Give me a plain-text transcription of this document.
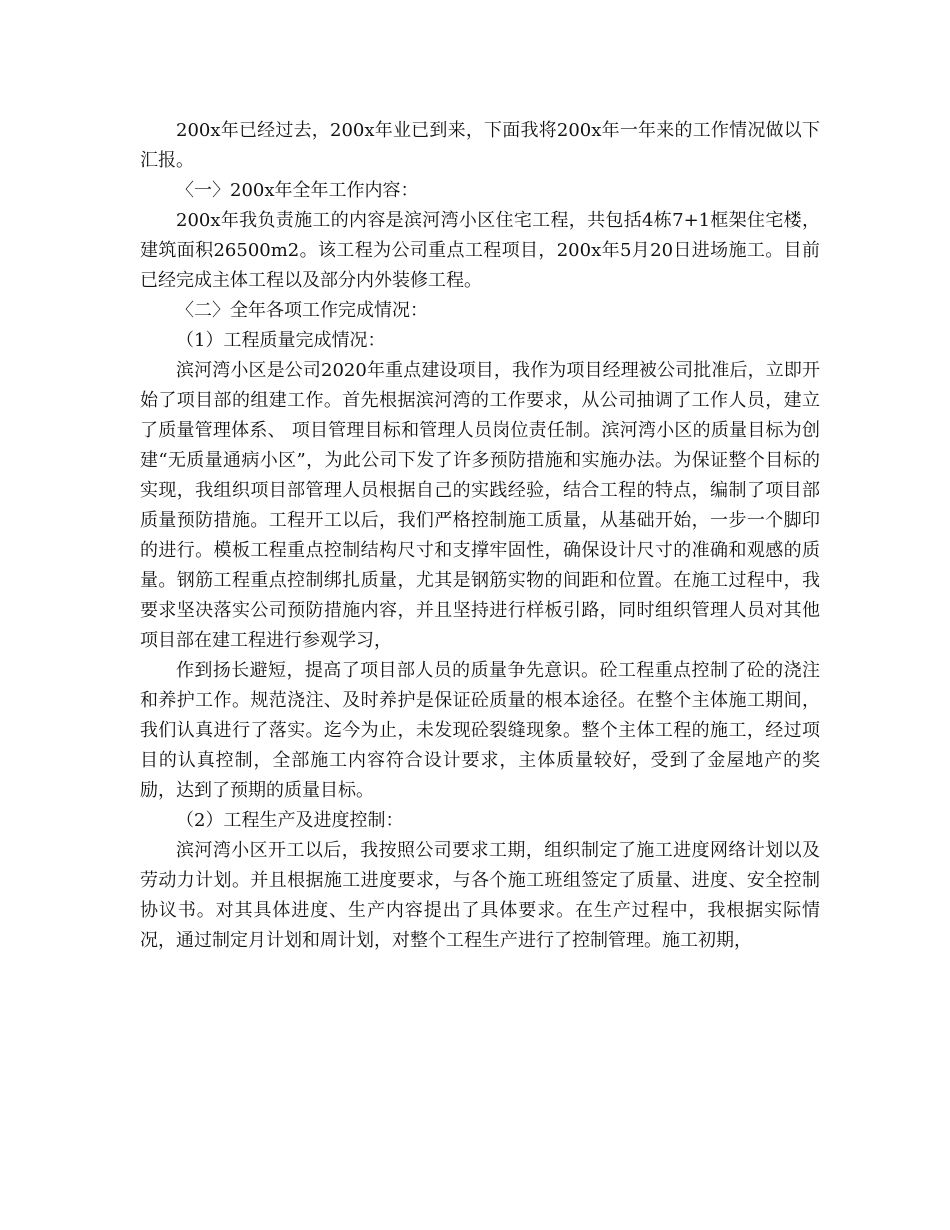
200x年已经过去，200x年业已到来，下面我将200x年一年来的工作情况做以下汇报。

〈一〉200x年全年工作内容：

200x年我负责施工的内容是滨河湾小区住宅工程，共包括4栋7+1框架住宅楼，建筑面积26500m2。该工程为公司重点工程项目，200x年5月20日进场施工。目前已经完成主体工程以及部分内外装修工程。

〈二〉全年各项工作完成情况：

（1）工程质量完成情况：

滨河湾小区是公司2020年重点建设项目，我作为项目经理被公司批准后，立即开始了项目部的组建工作。首先根据滨河湾的工作要求，从公司抽调了工作人员，建立了质量管理体系、 项目管理目标和管理人员岗位责任制。滨河湾小区的质量目标为创建“无质量通病小区”，为此公司下发了许多预防措施和实施办法。为保证整个目标的实现，我组织项目部管理人员根据自己的实践经验，结合工程的特点，编制了项目部质量预防措施。工程开工以后，我们严格控制施工质量，从基础开始，一步一个脚印的进行。模板工程重点控制结构尺寸和支撑牢固性，确保设计尺寸的准确和观感的质量。钢筋工程重点控制绑扎质量，尤其是钢筋实物的间距和位置。在施工过程中，我要求坚决落实公司预防措施内容，并且坚持进行样板引路，同时组织管理人员对其他项目部在建工程进行参观学习，

作到扬长避短，提高了项目部人员的质量争先意识。砼工程重点控制了砼的浇注和养护工作。规范浇注、及时养护是保证砼质量的根本途径。在整个主体施工期间，我们认真进行了落实。迄今为止，未发现砼裂缝现象。整个主体工程的施工，经过项目的认真控制，全部施工内容符合设计要求，主体质量较好，受到了金屋地产的奖励，达到了预期的质量目标。

（2）工程生产及进度控制：

滨河湾小区开工以后，我按照公司要求工期，组织制定了施工进度网络计划以及劳动力计划。并且根据施工进度要求，与各个施工班组签定了质量、进度、安全控制协议书。对其具体进度、生产内容提出了具体要求。在生产过程中，我根据实际情况，通过制定月计划和周计划，对整个工程生产进行了控制管理。施工初期，
